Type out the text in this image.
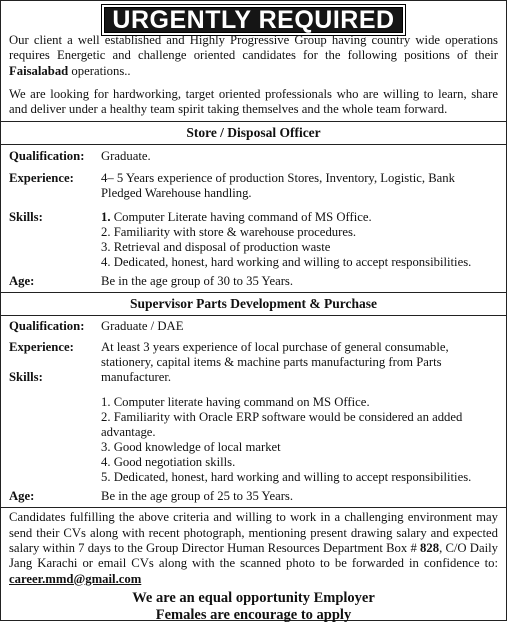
URGENTLY REQUIRED

Our client a well established and Highly Progressive Group having country wide operations requires Energetic and challenge oriented candidates for the following positions of their Faisalabad operations..

We are looking for hardworking, target oriented professionals who are willing to learn, share and deliver under a healthy team spirit taking themselves and the whole team forward.

Store / Disposal Officer
Qualification:	Graduate.
Experience:	4– 5 Years experience of production Stores, Inventory, Logistic, Bank Pledged Warehouse handling.
Skills:	1. Computer Literate having command of MS Office.
2. Familiarity with store & warehouse procedures.
3. Retrieval and disposal of production waste
4. Dedicated, honest, hard working and willing to accept responsibilities.
Age:	Be in the age group of 30 to 35 Years.
Supervisor Parts Development & Purchase
Qualification:	Graduate / DAE
Experience:	At least 3 years experience of local purchase of general consumable, stationery, capital items & machine parts manufacturing from Parts manufacturer.
Skills:
1. Computer literate having command on MS Office.
2. Familiarity with Oracle ERP software would be considered an added advantage.
3. Good knowledge of local market
4. Good negotiation skills.
5. Dedicated, honest, hard working and willing to accept responsibilities.
Age:	Be in the age group of 25 to 35 Years.
Candidates fulfilling the above criteria and willing to work in a challenging environment may send their CVs along with recent photograph, mentioning present drawing salary and expected salary within 7 days to the Group Director Human Resources Department Box # 828, C/O Daily Jang Karachi or email CVs along with the scanned photo to be forwarded in confidence to: career.mmd@gmail.com
We are an equal opportunity Employer
Females are encourage to apply
